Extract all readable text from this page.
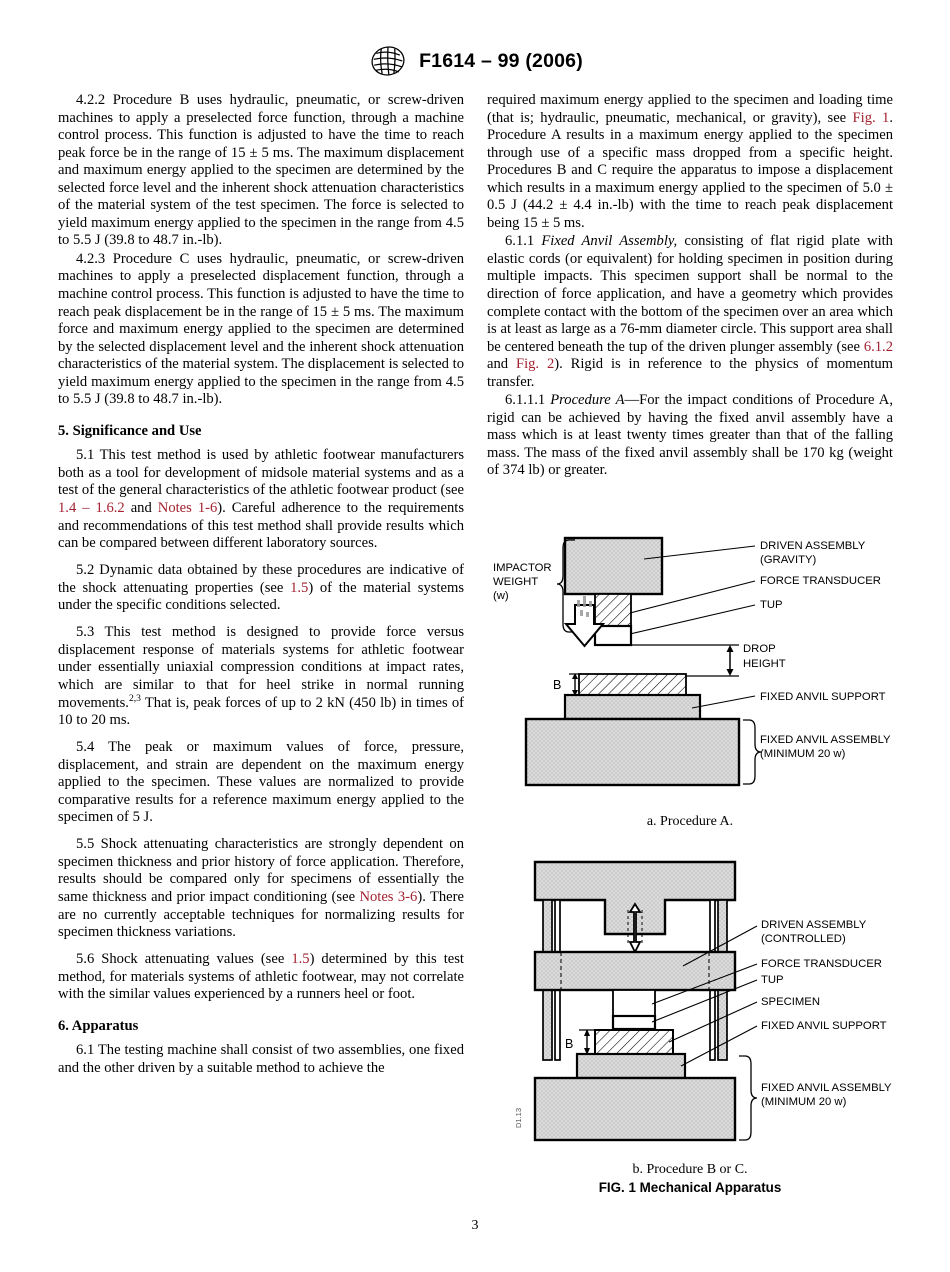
F1614 – 99 (2006)

4.2.2 Procedure B uses hydraulic, pneumatic, or screw-driven machines to apply a preselected force function, through a machine control process. This function is adjusted to have the time to reach peak force be in the range of 15 ± 5 ms. The maximum displacement and maximum energy applied to the specimen are determined by the selected force level and the inherent shock attenuation characteristics of the material system of the test specimen. The force is selected to yield maximum energy applied to the specimen in the range from 4.5 to 5.5 J (39.8 to 48.7 in.-lb).

4.2.3 Procedure C uses hydraulic, pneumatic, or screw-driven machines to apply a preselected displacement function, through a machine control process. This function is adjusted to have the time to reach peak displacement be in the range of 15 ± 5 ms. The maximum force and maximum energy applied to the specimen are determined by the selected displacement level and the inherent shock attenuation characteristics of the material system. The displacement is selected to yield maximum energy applied to the specimen in the range from 4.5 to 5.5 J (39.8 to 48.7 in.-lb).

5. Significance and Use

5.1 This test method is used by athletic footwear manufacturers both as a tool for development of midsole material systems and as a test of the general characteristics of the athletic footwear product (see 1.4 – 1.6.2 and Notes 1-6). Careful adherence to the requirements and recommendations of this test method shall provide results which can be compared between different laboratory sources.

5.2 Dynamic data obtained by these procedures are indicative of the shock attenuating properties (see 1.5) of the material systems under the specific conditions selected.

5.3 This test method is designed to provide force versus displacement response of materials systems for athletic footwear under essentially uniaxial compression conditions at impact rates, which are similar to that for heel strike in normal running movements.$^{2,3}$ That is, peak forces of up to 2 kN (450 lb) in times of 10 to 20 ms.

5.4 The peak or maximum values of force, pressure, displacement, and strain are dependent on the maximum energy applied to the specimen. These values are normalized to provide comparative results for a reference maximum energy applied to the specimen of 5 J.

5.5 Shock attenuating characteristics are strongly dependent on specimen thickness and prior history of force application. Therefore, results should be compared only for specimens of essentially the same thickness and prior impact conditioning (see Notes 3-6). There are no currently acceptable techniques for normalizing results for specimen thickness variations.

5.6 Shock attenuating values (see 1.5) determined by this test method, for materials systems of athletic footwear, may not correlate with the similar values experienced by a runners heel or foot.

6. Apparatus

6.1 The testing machine shall consist of two assemblies, one fixed and the other driven by a suitable method to achieve the

required maximum energy applied to the specimen and loading time (that is; hydraulic, pneumatic, mechanical, or gravity), see Fig. 1. Procedure A results in a maximum energy applied to the specimen through use of a specific mass dropped from a specific height. Procedures B and C require the apparatus to impose a displacement which results in a maximum energy applied to the specimen of 5.0 ± 0.5 J (44.2 ± 4.4 in.-lb) with the time to reach peak displacement being 15 ± 5 ms.

6.1.1 Fixed Anvil Assembly, consisting of flat rigid plate with elastic cords (or equivalent) for holding specimen in position during multiple impacts. This specimen support shall be normal to the direction of force application, and have a geometry which provides complete contact with the bottom of the specimen over an area which is at least as large as a 76-mm diameter circle. This support area shall be centered beneath the tup of the driven plunger assembly (see 6.1.2 and Fig. 2). Rigid is in reference to the physics of momentum transfer.

6.1.1.1 Procedure A—For the impact conditions of Procedure A, rigid can be achieved by having the fixed anvil assembly have a mass which is at least twenty times greater than that of the falling mass. The mass of the fixed anvil assembly shall be 170 kg (weight of 374 lb) or greater.

IMPACTOR
WEIGHT
(w)
DRIVEN ASSEMBLY
(GRAVITY)
FORCE TRANSDUCER
TUP
DROP
HEIGHT
B
FIXED ANVIL SUPPORT
FIXED ANVIL ASSEMBLY
(MINIMUM 20 w)
a. Procedure A.
DRIVEN ASSEMBLY
(CONTROLLED)
FORCE TRANSDUCER
TUP
SPECIMEN
FIXED ANVIL SUPPORT
FIXED ANVIL ASSEMBLY
(MINIMUM 20 w)
B
D1.13
b. Procedure B or C.
FIG. 1 Mechanical Apparatus
3
